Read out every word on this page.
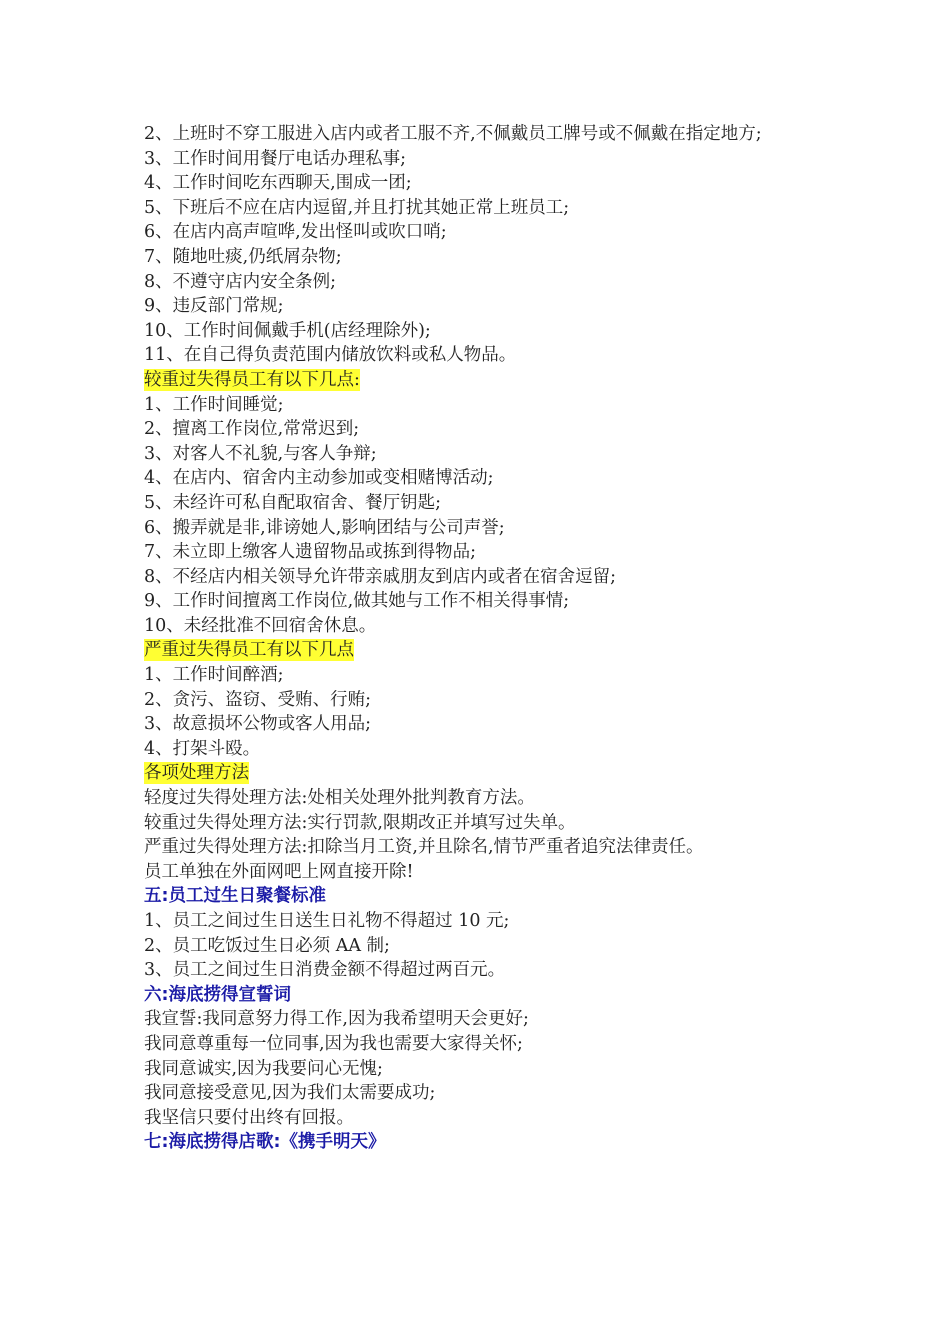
2、上班时不穿工服进入店内或者工服不齐,不佩戴员工牌号或不佩戴在指定地方;
3、工作时间用餐厅电话办理私事;
4、工作时间吃东西聊天,围成一团;
5、下班后不应在店内逗留,并且打扰其她正常上班员工;
6、在店内高声喧哗,发出怪叫或吹口哨;
7、随地吐痰,仍纸屑杂物;
8、不遵守店内安全条例;
9、违反部门常规;
10、工作时间佩戴手机(店经理除外);
11、在自己得负责范围内储放饮料或私人物品。
较重过失得员工有以下几点:
1、工作时间睡觉;
2、擅离工作岗位,常常迟到;
3、对客人不礼貌,与客人争辩;
4、在店内、宿舍内主动参加或变相赌博活动;
5、未经许可私自配取宿舍、餐厅钥匙;
6、搬弄就是非,诽谤她人,影响团结与公司声誉;
7、未立即上缴客人遗留物品或拣到得物品;
8、不经店内相关领导允许带亲戚朋友到店内或者在宿舍逗留;
9、工作时间擅离工作岗位,做其她与工作不相关得事情;
10、未经批准不回宿舍休息。
严重过失得员工有以下几点
1、工作时间醉酒;
2、贪污、盗窃、受贿、行贿;
3、故意损坏公物或客人用品;
4、打架斗殴。
各项处理方法
轻度过失得处理方法:处相关处理外批判教育方法。
较重过失得处理方法:实行罚款,限期改正并填写过失单。
严重过失得处理方法:扣除当月工资,并且除名,情节严重者追究法律责任。
员工单独在外面网吧上网直接开除!
五:员工过生日聚餐标准
1、员工之间过生日送生日礼物不得超过 10 元;
2、员工吃饭过生日必须 AA 制;
3、员工之间过生日消费金额不得超过两百元。
六:海底捞得宣誓词
我宣誓:我同意努力得工作,因为我希望明天会更好;
我同意尊重每一位同事,因为我也需要大家得关怀;
我同意诚实,因为我要问心无愧;
我同意接受意见,因为我们太需要成功;
我坚信只要付出终有回报。
七:海底捞得店歌:《携手明天》
